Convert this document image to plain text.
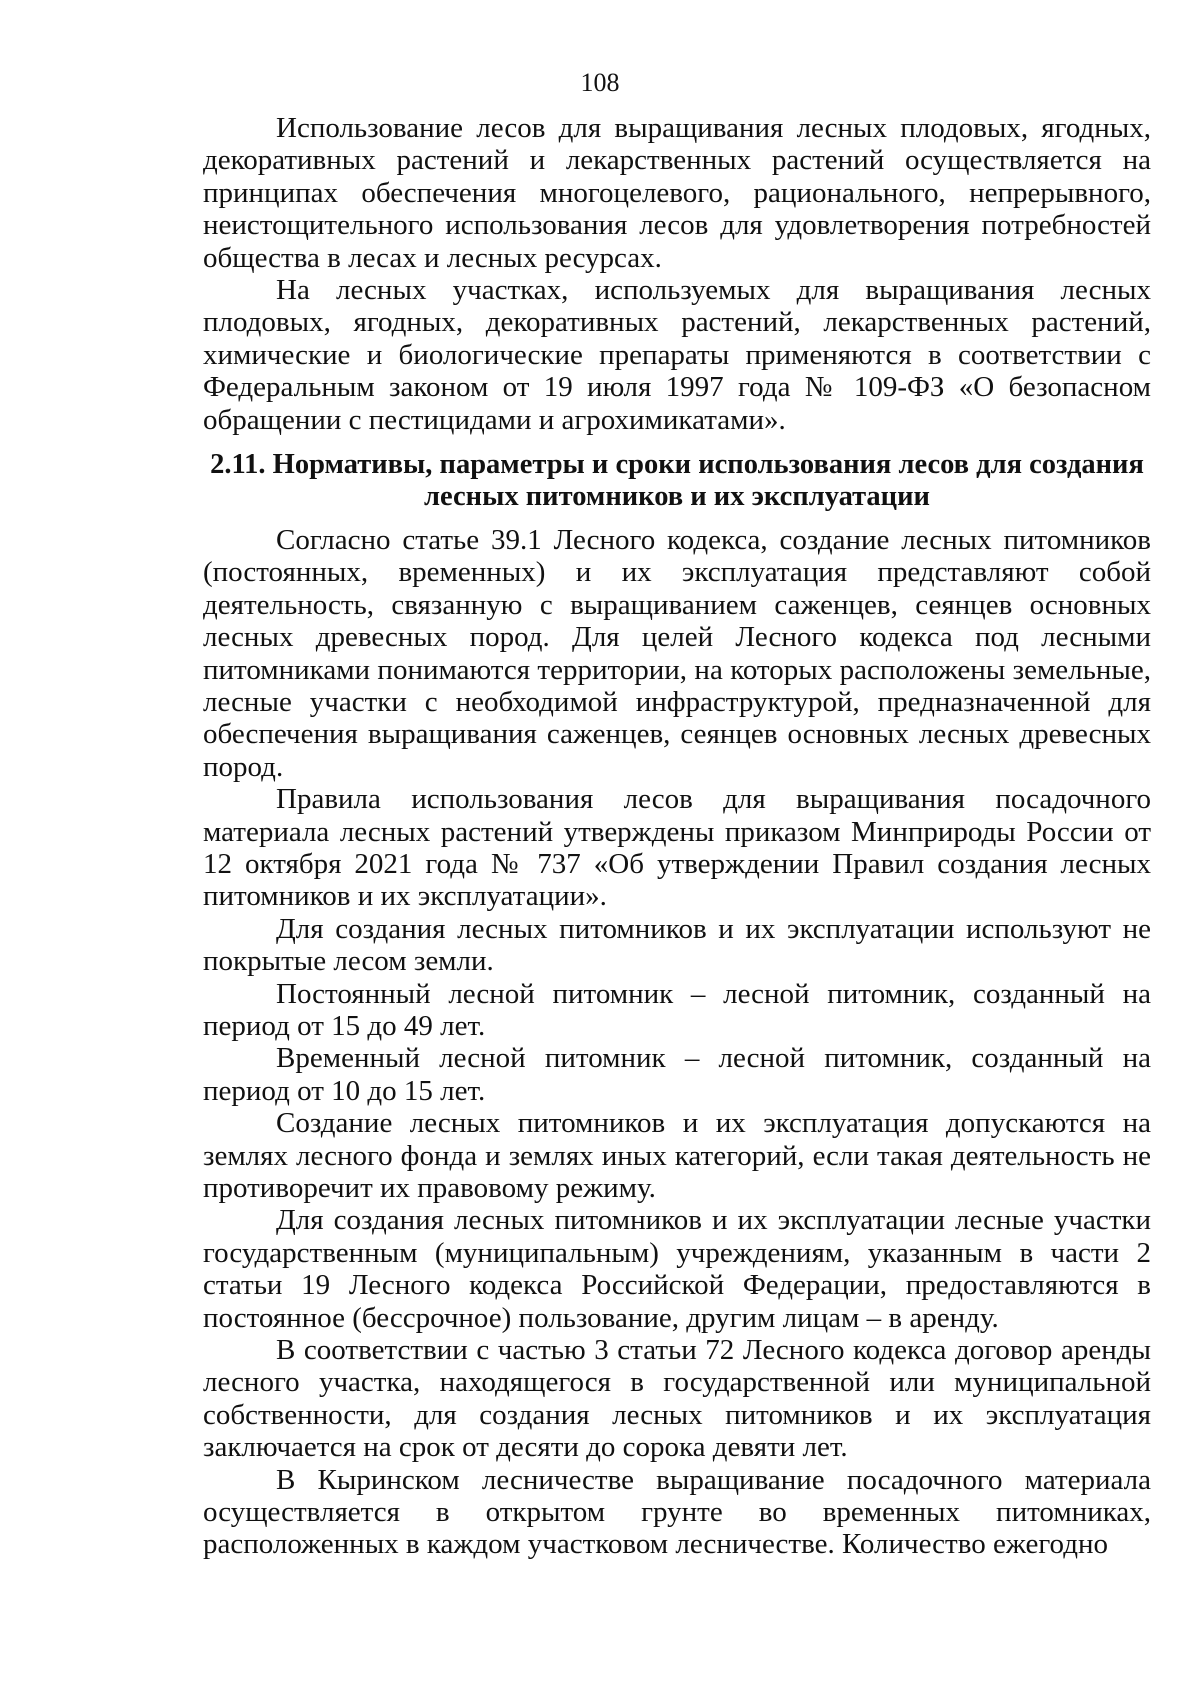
108

Использование лесов для выращивания лесных плодовых, ягодных, декоративных растений и лекарственных растений осуществляется на принципах обеспечения многоцелевого, рационального, непрерывного, неистощительного использования лесов для удовлетворения потребностей общества в лесах и лесных ресурсах.

На лесных участках, используемых для выращивания лесных плодовых, ягодных, декоративных растений, лекарственных растений, химические и биологические препараты применяются в соответствии с Федеральным законом от 19 июля 1997 года № 109-ФЗ «О безопасном обращении с пестицидами и агрохимикатами».

2.11. Нормативы, параметры и сроки использования лесов для создания
лесных питомников и их эксплуатации

Согласно статье 39.1 Лесного кодекса, создание лесных питомников (постоянных, временных) и их эксплуатация представляют собой деятельность, связанную с выращиванием саженцев, сеянцев основных лесных древесных пород. Для целей Лесного кодекса под лесными питомниками понимаются территории, на которых расположены земельные, лесные участки с необходимой инфраструктурой, предназначенной для обеспечения выращивания саженцев, сеянцев основных лесных древесных пород.

Правила использования лесов для выращивания посадочного материала лесных растений утверждены приказом Минприроды России от 12 октября 2021 года № 737 «Об утверждении Правил создания лесных питомников и их эксплуатации».

Для создания лесных питомников и их эксплуатации используют не покрытые лесом земли.

Постоянный лесной питомник – лесной питомник, созданный на период от 15 до 49 лет.

Временный лесной питомник – лесной питомник, созданный на период от 10 до 15 лет.

Создание лесных питомников и их эксплуатация допускаются на землях лесного фонда и землях иных категорий, если такая деятельность не противоречит их правовому режиму.

Для создания лесных питомников и их эксплуатации лесные участки государственным (муниципальным) учреждениям, указанным в части 2 статьи 19 Лесного кодекса Российской Федерации, предоставляются в постоянное (бессрочное) пользование, другим лицам – в аренду.

В соответствии с частью 3 статьи 72 Лесного кодекса договор аренды лесного участка, находящегося в государственной или муниципальной собственности, для создания лесных питомников и их эксплуатация заключается на срок от десяти до сорока девяти лет.

В Кыринском лесничестве выращивание посадочного материала осуществляется в открытом грунте во временных питомниках, расположенных в каждом участковом лесничестве. Количество ежегодно
